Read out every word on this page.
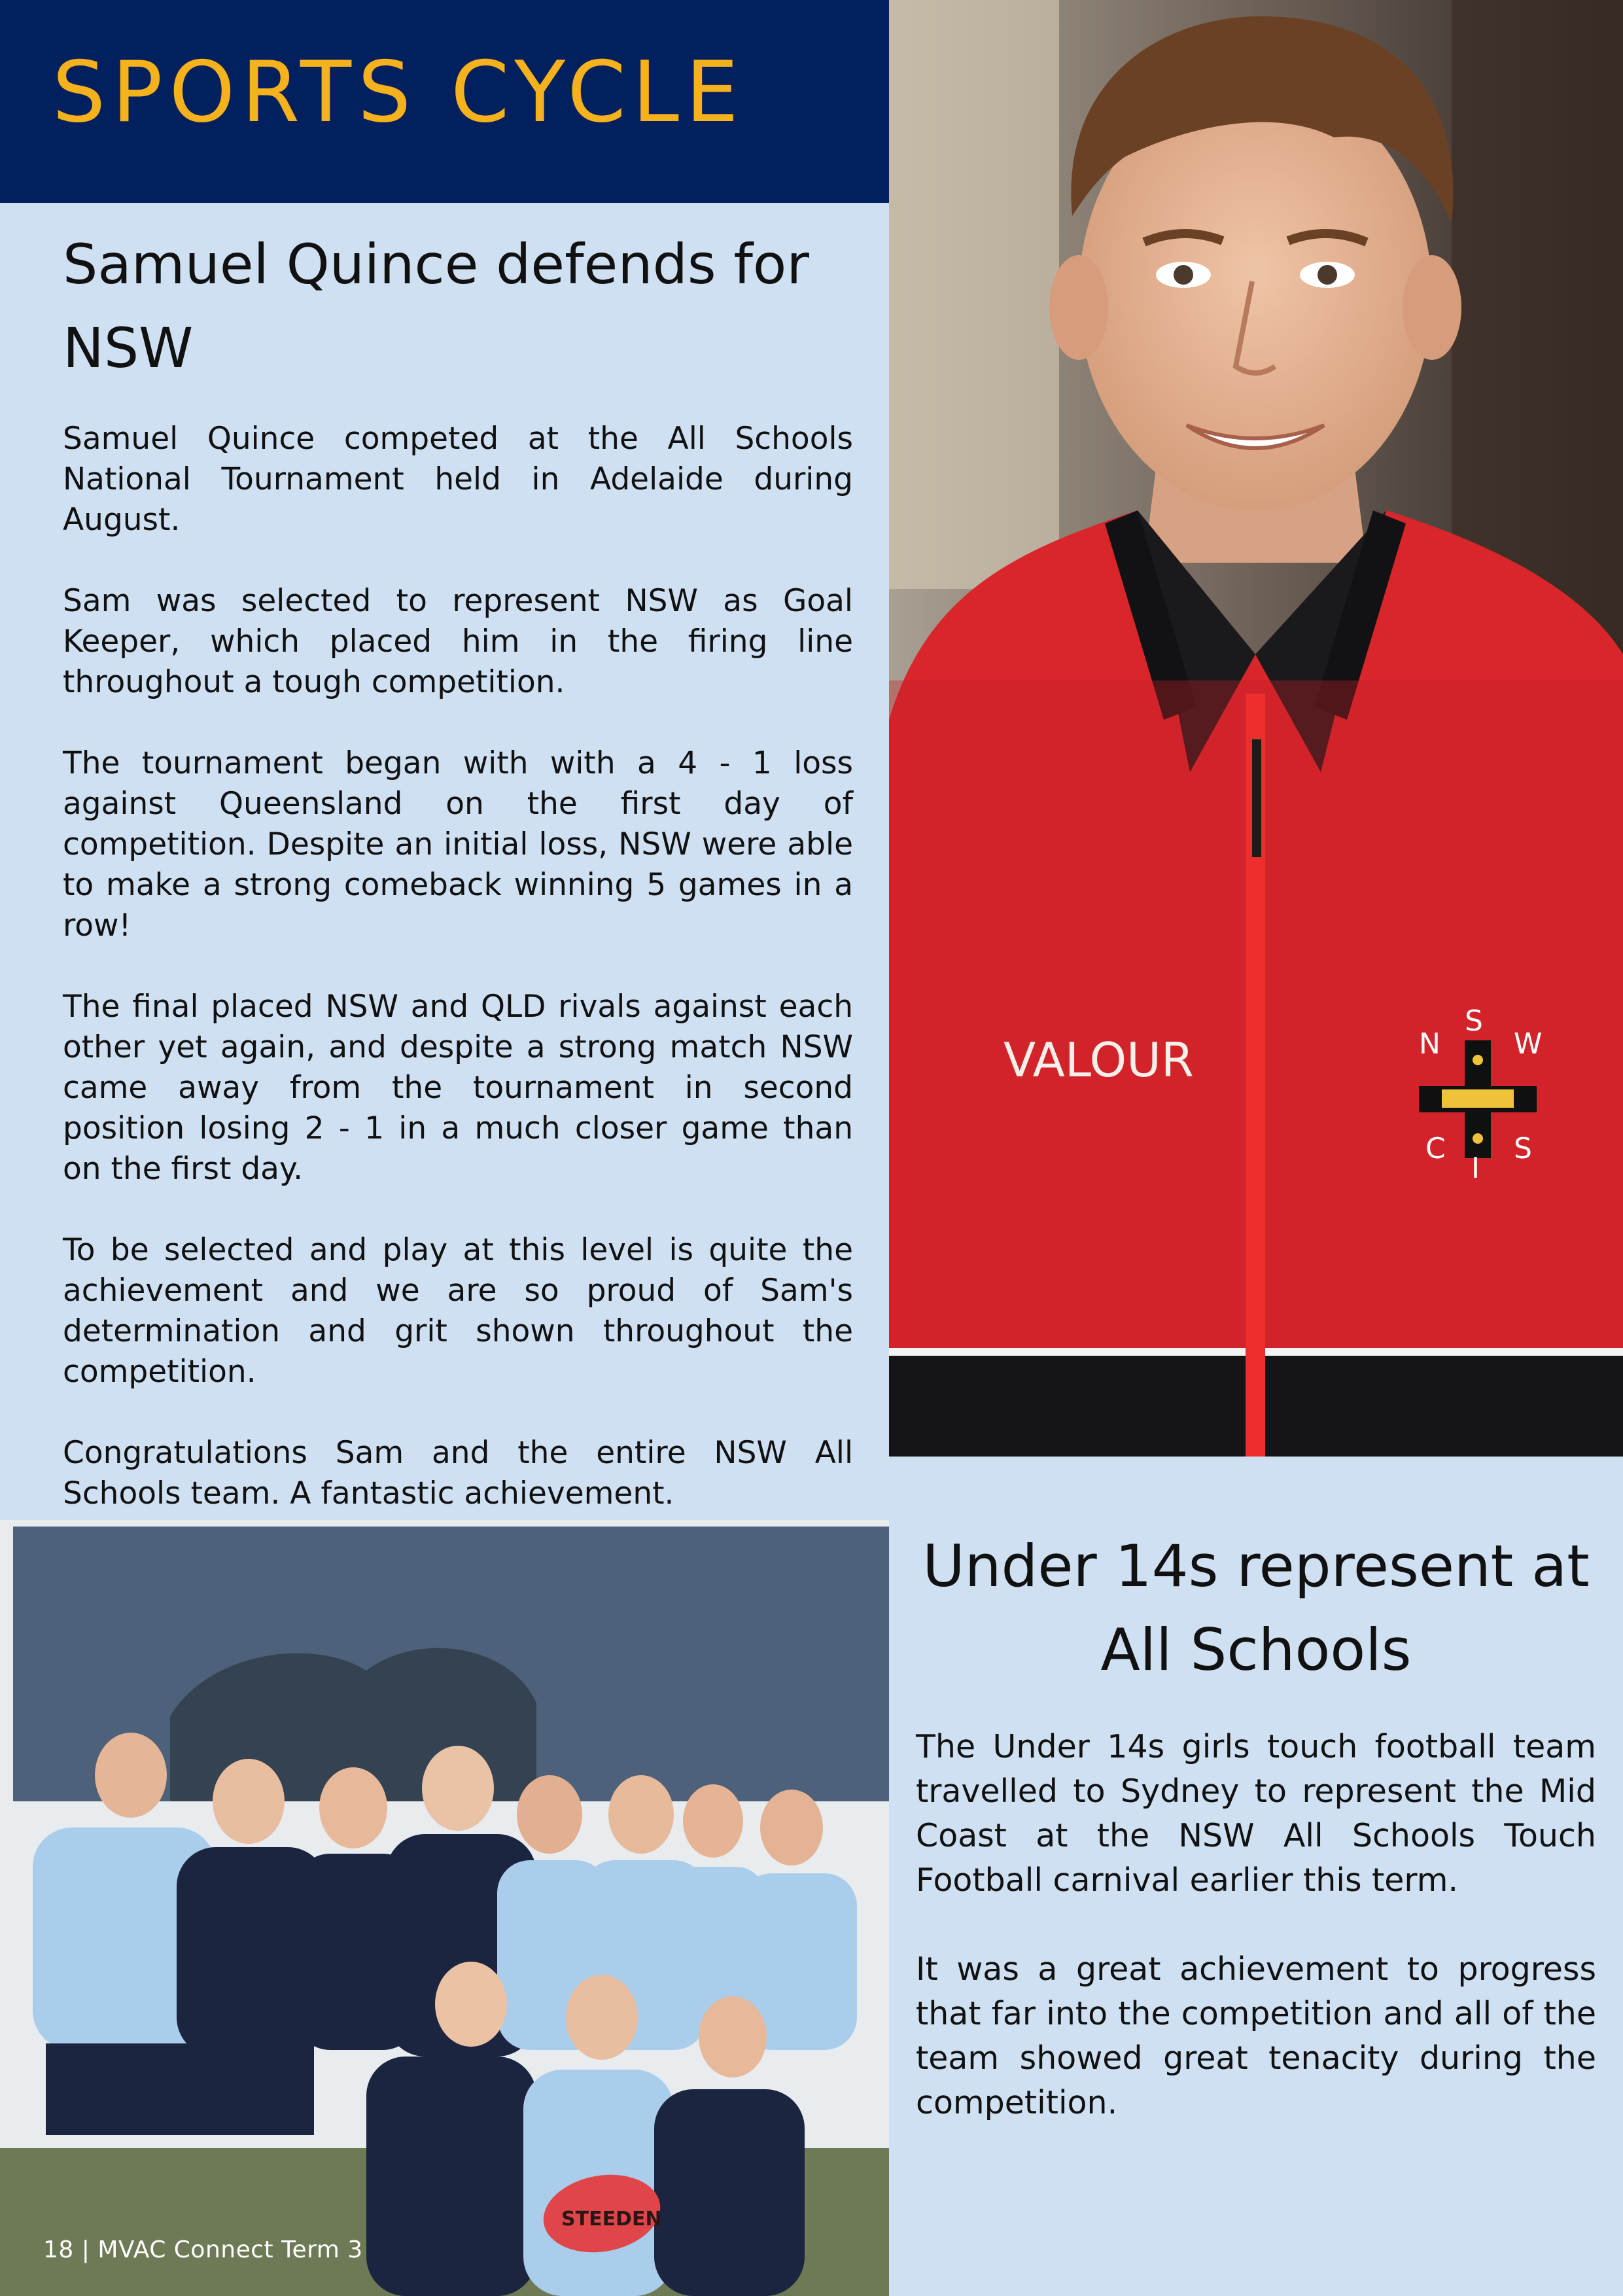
SPORTS CYCLE
VALOUR	N
S
W
C
I
S
Samuel Quince defends for NSW

Samuel Quince competed at the All Schools National Tournament held in Adelaide during August.

Sam was selected to represent NSW as Goal Keeper, which placed him in the firing line throughout a tough competition.

The tournament began with with a 4 - 1 loss against Queensland on the first day of competition. Despite an initial loss, NSW were able to make a strong comeback winning 5 games in a row!

The final placed NSW and QLD rivals against each other yet again, and despite a strong match NSW came away from the tournament in second position losing 2 - 1 in a much closer game than on the first day.

To be selected and play at this level is quite the achievement and we are so proud of Sam's determination and grit shown throughout the competition.

Congratulations Sam and the entire NSW All Schools team. A fantastic achievement.

STEEDEN
Under 14s represent at All Schools

The Under 14s girls touch football team travelled to Sydney to represent the Mid Coast at the NSW All Schools Touch Football carnival earlier this term.

It was a great achievement to progress that far into the competition and all of the team showed great tenacity during the competition.

18 | MVAC Connect Term 3
